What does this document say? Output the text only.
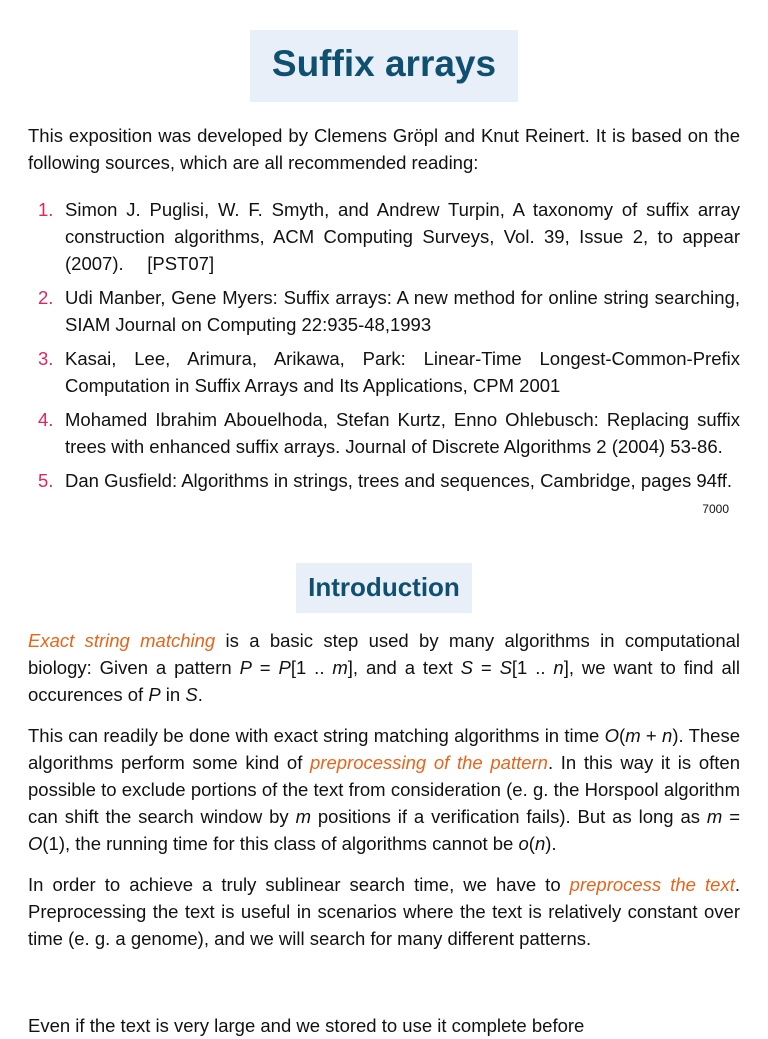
Suffix arrays

This exposition was developed by Clemens Gröpl and Knut Reinert. It is based on the following sources, which are all recommended reading:

1. Simon J. Puglisi, W. F. Smyth, and Andrew Turpin, A taxonomy of suffix array construction algorithms, ACM Computing Surveys, Vol. 39, Issue 2, to appear (2007).  [PST07]
2. Udi Manber, Gene Myers: Suffix arrays: A new method for online string searching, SIAM Journal on Computing 22:935-48,1993
3. Kasai, Lee, Arimura, Arikawa, Park: Linear-Time Longest-Common-Prefix Computation in Suffix Arrays and Its Applications, CPM 2001
4. Mohamed Ibrahim Abouelhoda, Stefan Kurtz, Enno Ohlebusch: Replacing suffix trees with enhanced suffix arrays. Journal of Discrete Algorithms 2 (2004) 53-86.
5. Dan Gusfield: Algorithms in strings, trees and sequences, Cambridge, pages 94ff.
7000
Introduction

Exact string matching is a basic step used by many algorithms in computational biology: Given a pattern P = P[1 .. m], and a text S = S[1 .. n], we want to find all occurences of P in S.

This can readily be done with exact string matching algorithms in time O(m + n). These algorithms perform some kind of preprocessing of the pattern. In this way it is often possible to exclude portions of the text from consideration (e. g. the Horspool algorithm can shift the search window by m positions if a verification fails). But as long as m = O(1), the running time for this class of algorithms cannot be o(n).

In order to achieve a truly sublinear search time, we have to preprocess the text. Preprocessing the text is useful in scenarios where the text is relatively constant over time (e. g. a genome), and we will search for many different patterns.

Even if the text is very large and we stored to use it complete before
